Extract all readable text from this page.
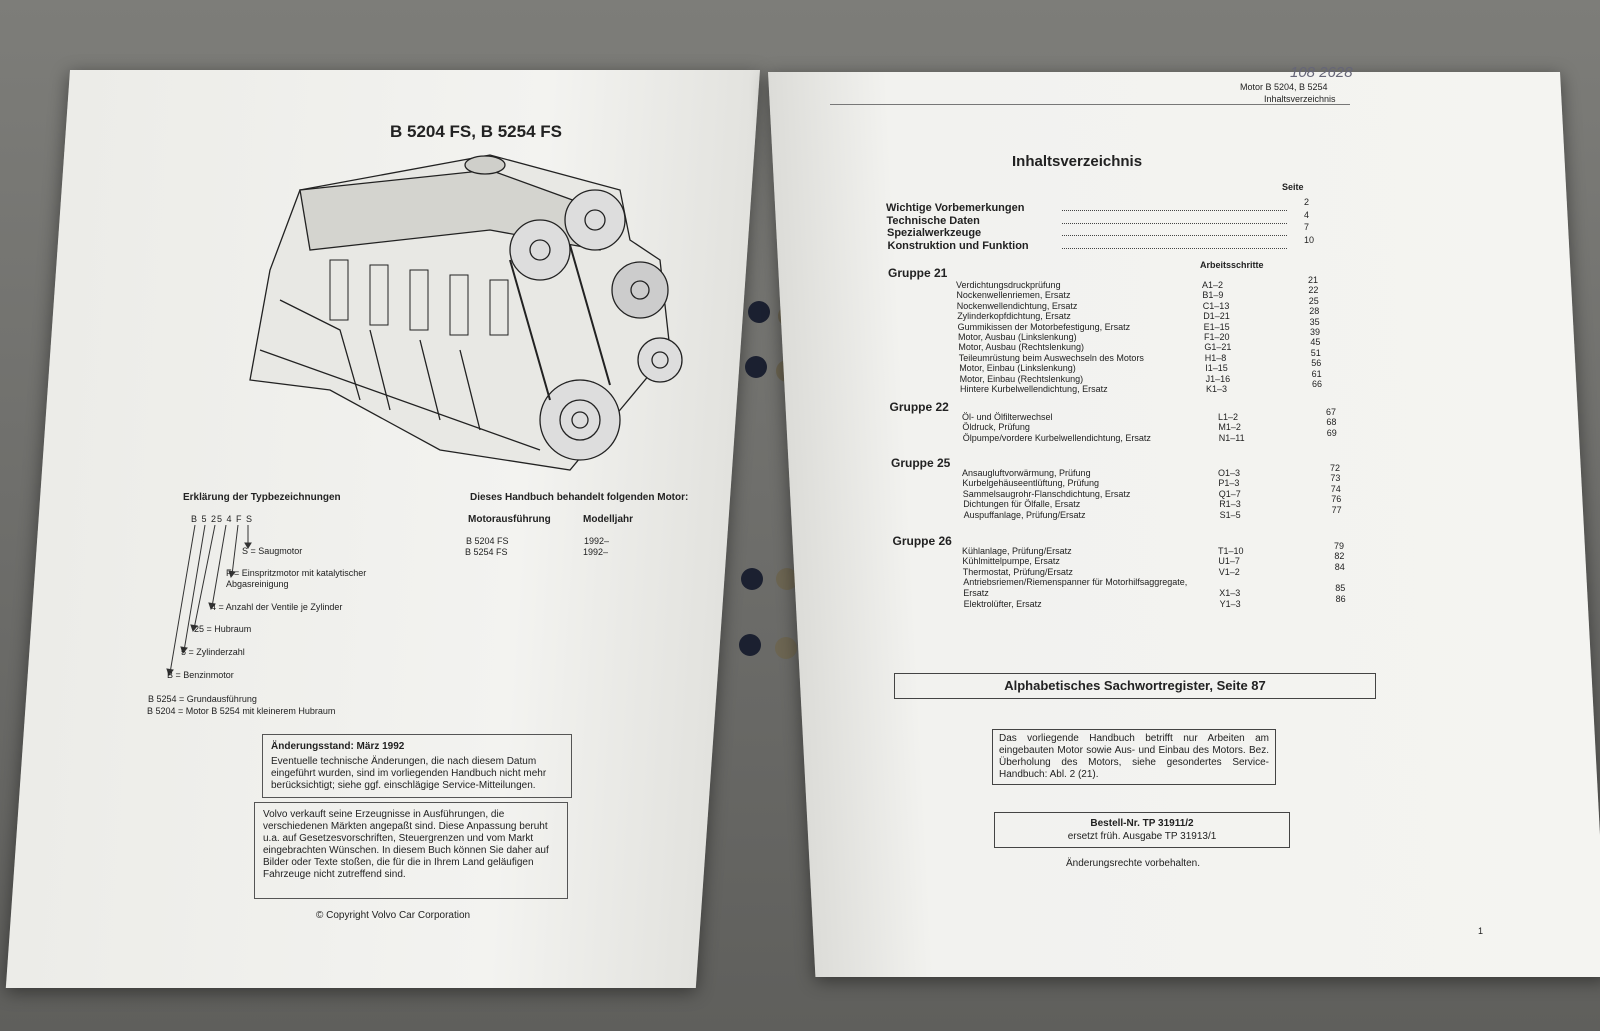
B 5204 FS, B 5254 FS
Erklärung der Typbezeichnungen
B 5 25 4 F S
S = Saugmotor
F = Einspritzmotor mit katalytischer Abgasreinigung
4 = Anzahl der Ventile je Zylinder
25 = Hubraum
5 = Zylinderzahl
B = Benzinmotor
B 5254 = Grundausführung
B 5204 = Motor B 5254 mit kleinerem Hubraum
Dieses Handbuch behandelt folgenden Motor:
Motorausführung	Modelljahr
B 5204 FS	1992–
B 5254 FS	1992–
Änderungsstand: März 1992
Eventuelle technische Änderungen, die nach diesem Datum eingeführt wurden, sind im vorliegenden Handbuch nicht mehr berücksichtigt; siehe ggf. einschlägige Service-Mitteilungen.
Volvo verkauft seine Erzeugnisse in Ausführungen, die verschiedenen Märkten angepaßt sind. Diese Anpassung beruht u.a. auf Gesetzesvorschriften, Steuergrenzen und vom Markt eingebrachten Wünschen. In diesem Buch können Sie daher auf Bilder oder Texte stoßen, die für die in Ihrem Land geläufigen Fahrzeuge nicht zutreffend sind.
© Copyright Volvo Car Corporation
108 2628
Motor B 5204, B 5254
Inhaltsverzeichnis
Inhaltsverzeichnis
Seite
Wichtige Vorbemerkungen	2
Technische Daten	4
Spezialwerkzeuge	7
Konstruktion und Funktion	10
Arbeitsschritte
Gruppe 21
Verdichtungsdruckprüfung	A1–2	21
Nockenwellenriemen, Ersatz	B1–9	22
Nockenwellendichtung, Ersatz	C1–13	25
Zylinderkopfdichtung, Ersatz	D1–21	28
Gummikissen der Motorbefestigung, Ersatz	E1–15	35
Motor, Ausbau (Linkslenkung)	F1–20	39
Motor, Ausbau (Rechtslenkung)	G1–21	45
Teileumrüstung beim Auswechseln des Motors	H1–8	51
Motor, Einbau (Linkslenkung)	I1–15	56
Motor, Einbau (Rechtslenkung)	J1–16	61
Hintere Kurbelwellendichtung, Ersatz	K1–3	66
Gruppe 22
Öl- und Ölfilterwechsel	L1–2	67
Öldruck, Prüfung	M1–2	68
Ölpumpe/vordere Kurbelwellendichtung, Ersatz	N1–11	69
Gruppe 25
Ansaugluftvorwärmung, Prüfung	O1–3	72
Kurbelgehäuseentlüftung, Prüfung	P1–3	73
Sammelsaugrohr-Flanschdichtung, Ersatz	Q1–7	74
Dichtungen für Ölfalle, Ersatz	R1–3	76
Auspuffanlage, Prüfung/Ersatz	S1–5	77
Gruppe 26
Kühlanlage, Prüfung/Ersatz	T1–10	79
Kühlmittelpumpe, Ersatz	U1–7	82
Thermostat, Prüfung/Ersatz	V1–2	84
Antriebsriemen/Riemenspanner für Motorhilfsaggregate, Ersatz	X1–3	85
Elektrolüfter, Ersatz	Y1–3	86
Alphabetisches Sachwortregister, Seite 87
Das vorliegende Handbuch betrifft nur Arbeiten am eingebauten Motor sowie Aus- und Einbau des Motors. Bez. Überholung des Motors, siehe gesondertes Service-Handbuch: Abl. 2 (21).
Bestell-Nr. TP 31911/2
ersetzt früh. Ausgabe TP 31913/1
Änderungsrechte vorbehalten.
1
